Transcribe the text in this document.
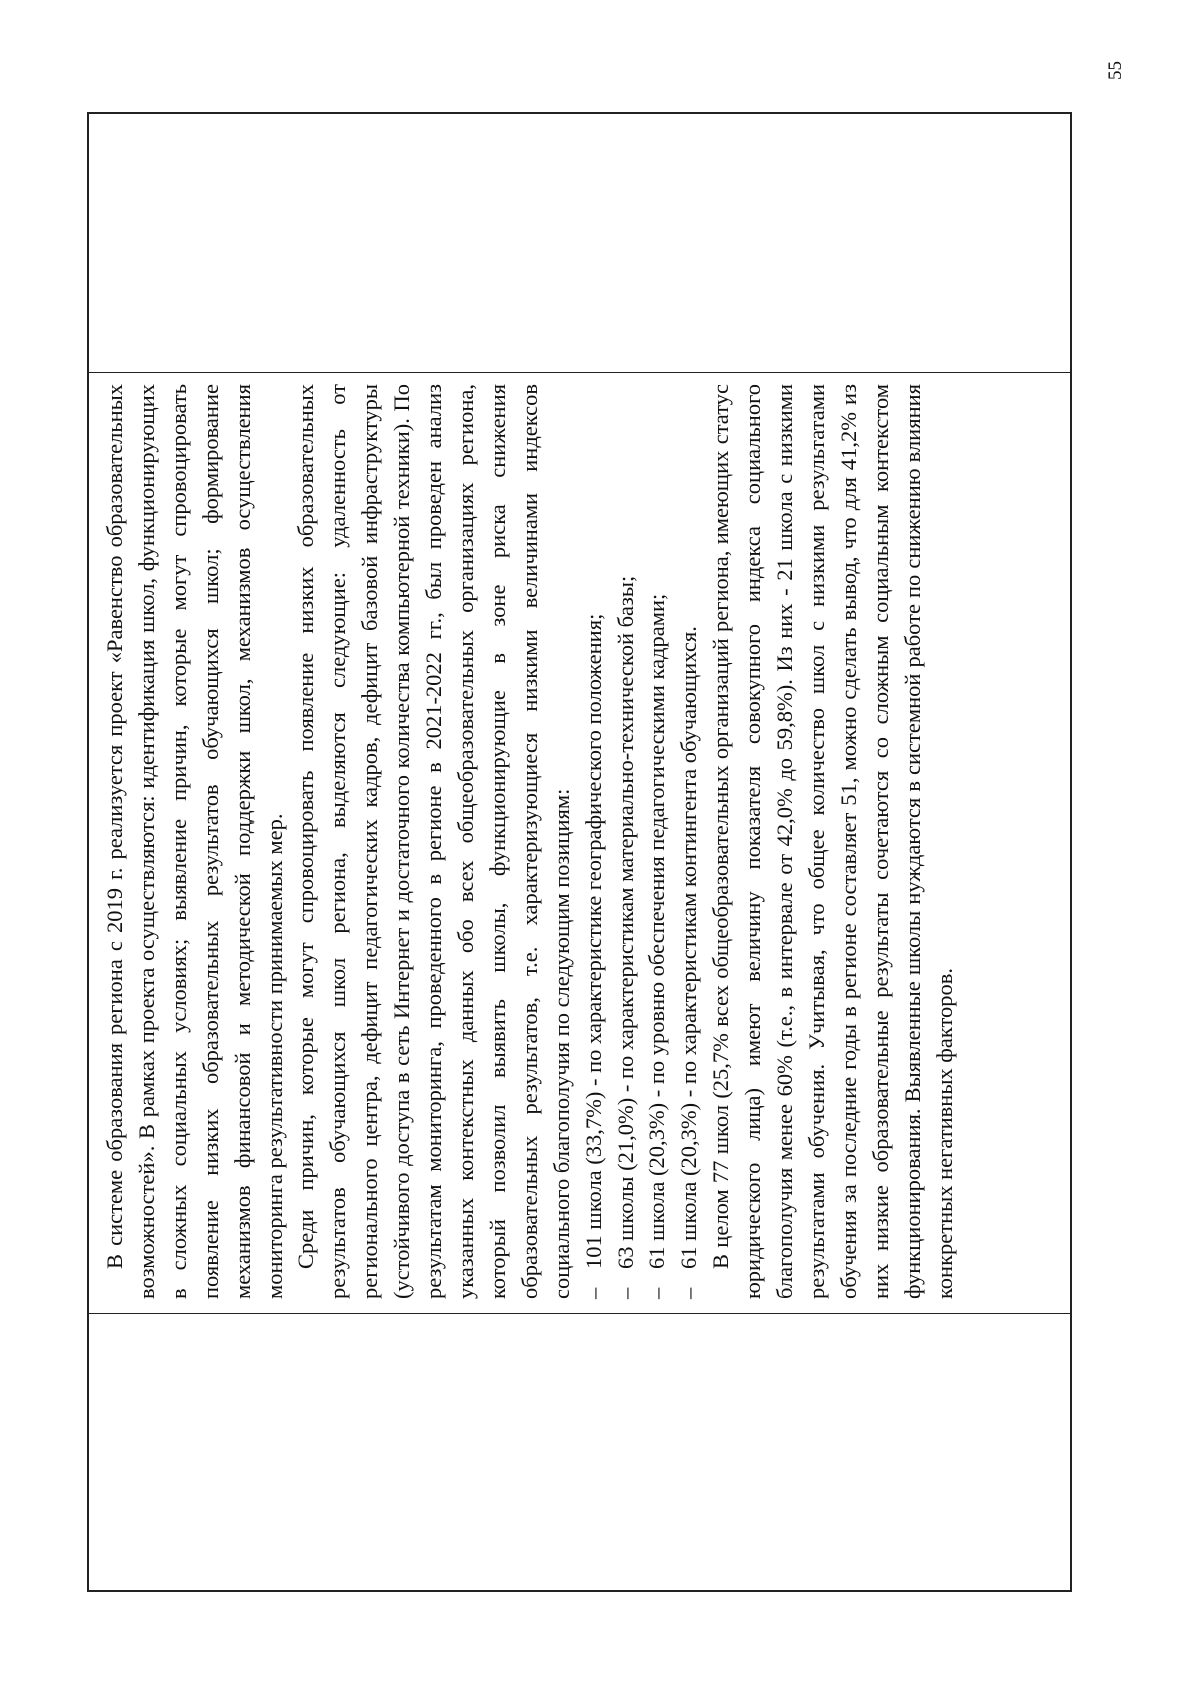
55

В системе образования региона с 2019 г. реализуется проект «Равенство образовательных возможностей». В рамках проекта осуществляются: идентификация школ, функционирующих в сложных социальных условиях; выявление причин, которые могут спровоцировать появление низких образовательных результатов обучающихся школ; формирование механизмов финансовой и методической поддержки школ, механизмов осуществления мониторинга результативности принимаемых мер. Среди причин, которые могут спровоцировать появление низких образовательных результатов обучающихся школ региона, выделяются следующие: удаленность от регионального центра, дефицит педагогических кадров, дефицит базовой инфраструктуры (устойчивого доступа в сеть Интернет и достаточного количества компьютерной техники). По результатам мониторинга, проведенного в регионе в 2021-2022 гг., был проведен анализ указанных контекстных данных обо всех общеобразовательных организациях региона, который позволил выявить школы, функционирующие в зоне риска снижения образовательных результатов, т.е. характеризующиеся низкими величинами индексов социального благополучия по следующим позициям: –
101 школа (33,7%) - по характеристике географического положения;
–
63 школы (21,0%) - по характеристикам материально-технической базы;
–
61 школа (20,3%) - по уровню обеспечения педагогическими кадрами;
–
61 школа (20,3%) - по характеристикам контингента обучающихся. В целом 77 школ (25,7% всех общеобразовательных организаций региона, имеющих статус юридического лица) имеют величину показателя совокупного индекса социального благополучия менее 60% (т.е., в интервале от 42,0% до 59,8%). Из них - 21 школа с низкими результатами обучения. Учитывая, что общее количество школ с низкими результатами обучения за последние годы в регионе составляет 51, можно сделать вывод, что для 41,2% из них низкие образовательные результаты сочетаются со сложным социальным контекстом функционирования. Выявленные школы нуждаются в системной работе по снижению влияния конкретных негативных факторов.
